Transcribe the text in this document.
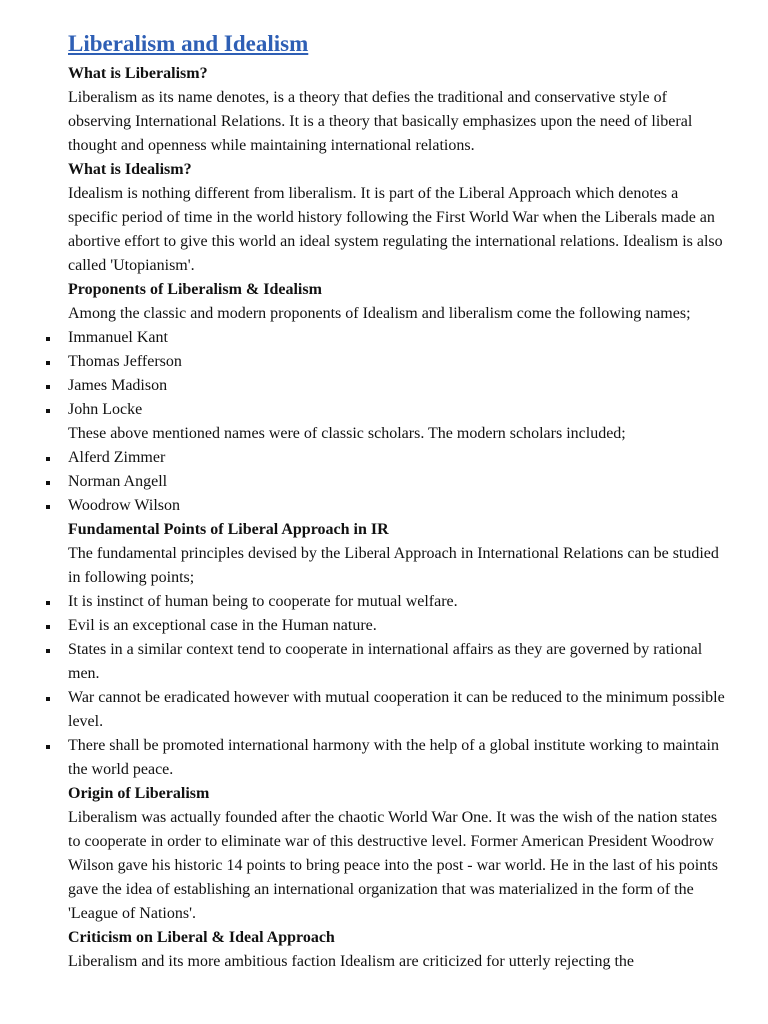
Liberalism and Idealism

What is Liberalism?

Liberalism as its name denotes, is a theory that defies the traditional and conservative style of observing International Relations. It is a theory that basically emphasizes upon the need of liberal thought and openness while maintaining international relations.

What is Idealism?

Idealism is nothing different from liberalism. It is part of the Liberal Approach which denotes a specific period of time in the world history following the First World War when the Liberals made an abortive effort to give this world an ideal system regulating the international relations. Idealism is also called 'Utopianism'.

Proponents of Liberalism & Idealism

Among the classic and modern proponents of Idealism and liberalism come the following names;

Immanuel Kant
Thomas Jefferson
James Madison
John Locke

These above mentioned names were of classic scholars. The modern scholars included;

Alferd Zimmer
Norman Angell
Woodrow Wilson

Fundamental Points of Liberal Approach in IR

The fundamental principles devised by the Liberal Approach in International Relations can be studied in following points;

It is instinct of human being to cooperate for mutual welfare.
Evil is an exceptional case in the Human nature.
States in a similar context tend to cooperate in international affairs as they are governed by rational men.
War cannot be eradicated however with mutual cooperation it can be reduced to the minimum possible level.
There shall be promoted international harmony with the help of a global institute working to maintain the world peace.

Origin of Liberalism

Liberalism was actually founded after the chaotic World War One. It was the wish of the nation states to cooperate in order to eliminate war of this destructive level. Former American President Woodrow Wilson gave his historic 14 points to bring peace into the post - war world. He in the last of his points gave the idea of establishing an international organization that was materialized in the form of the 'League of Nations'.

Criticism on Liberal & Ideal Approach

Liberalism and its more ambitious faction Idealism are criticized for utterly rejecting the
